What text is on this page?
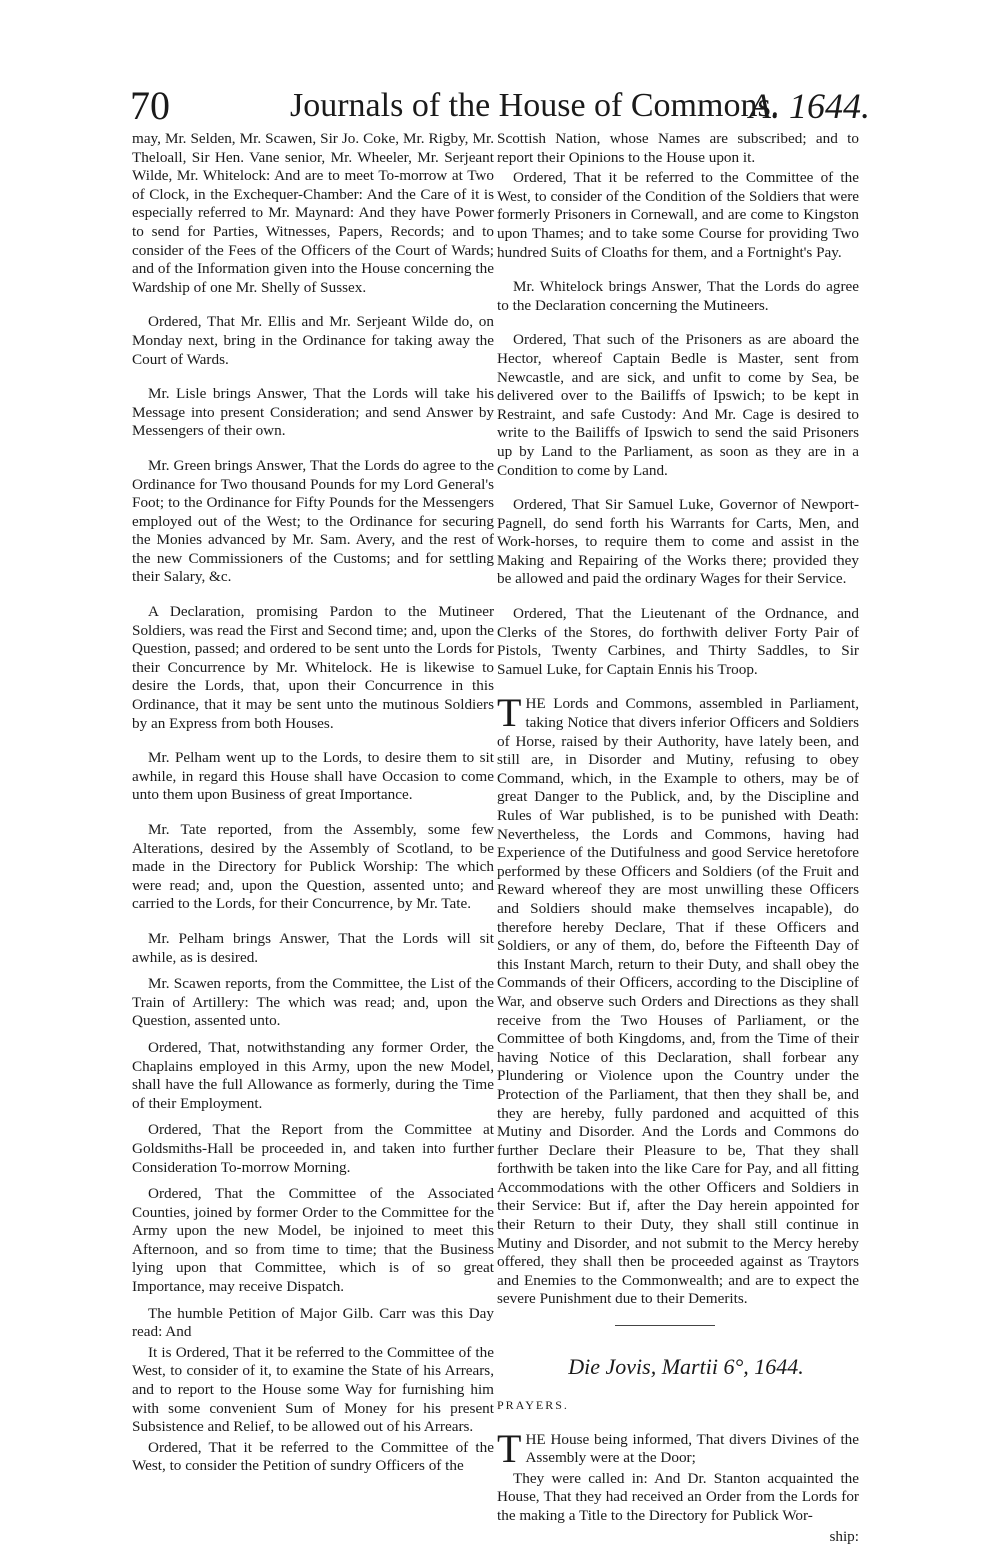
70	Journals of the House of Commons.
A. 1644.

may, Mr. Selden, Mr. Scawen, Sir Jo. Coke, Mr. Rigby, Mr. Theloall, Sir Hen. Vane senior, Mr. Wheeler, Mr. Serjeant Wilde, Mr. Whitelock: And are to meet To-morrow at Two of Clock, in the Exchequer-Chamber: And the Care of it is especially referred to Mr. Maynard: And they have Power to send for Parties, Witnesses, Papers, Records; and to consider of the Fees of the Officers of the Court of Wards; and of the Information given into the House concerning the Wardship of one Mr. Shelly of Sussex.

Ordered, That Mr. Ellis and Mr. Serjeant Wilde do, on Monday next, bring in the Ordinance for taking away the Court of Wards.

Mr. Lisle brings Answer, That the Lords will take his Message into present Consideration; and send Answer by Messengers of their own.

Mr. Green brings Answer, That the Lords do agree to the Ordinance for Two thousand Pounds for my Lord General's Foot; to the Ordinance for Fifty Pounds for the Messengers employed out of the West; to the Ordinance for securing the Monies advanced by Mr. Sam. Avery, and the rest of the new Commissioners of the Customs; and for settling their Salary, &c.

A Declaration, promising Pardon to the Mutineer Soldiers, was read the First and Second time; and, upon the Question, passed; and ordered to be sent unto the Lords for their Concurrence by Mr. Whitelock. He is likewise to desire the Lords, that, upon their Concurrence in this Ordinance, that it may be sent unto the mutinous Soldiers by an Express from both Houses.

Mr. Pelham went up to the Lords, to desire them to sit awhile, in regard this House shall have Occasion to come unto them upon Business of great Importance.

Mr. Tate reported, from the Assembly, some few Alterations, desired by the Assembly of Scotland, to be made in the Directory for Publick Worship: The which were read; and, upon the Question, assented unto; and carried to the Lords, for their Concurrence, by Mr. Tate.

Mr. Pelham brings Answer, That the Lords will sit awhile, as is desired.

Mr. Scawen reports, from the Committee, the List of the Train of Artillery: The which was read; and, upon the Question, assented unto.

Ordered, That, notwithstanding any former Order, the Chaplains employed in this Army, upon the new Model, shall have the full Allowance as formerly, during the Time of their Employment.

Ordered, That the Report from the Committee at Goldsmiths-Hall be proceeded in, and taken into further Consideration To-morrow Morning.

Ordered, That the Committee of the Associated Counties, joined by former Order to the Committee for the Army upon the new Model, be injoined to meet this Afternoon, and so from time to time; that the Business lying upon that Committee, which is of so great Importance, may receive Dispatch.

The humble Petition of Major Gilb. Carr was this Day read: And

It is Ordered, That it be referred to the Committee of the West, to consider of it, to examine the State of his Arrears, and to report to the House some Way for furnishing him with some convenient Sum of Money for his present Subsistence and Relief, to be allowed out of his Arrears.

Ordered, That it be referred to the Committee of the West, to consider the Petition of sundry Officers of the

Scottish Nation, whose Names are subscribed; and to report their Opinions to the House upon it.

Ordered, That it be referred to the Committee of the West, to consider of the Condition of the Soldiers that were formerly Prisoners in Cornewall, and are come to Kingston upon Thames; and to take some Course for providing Two hundred Suits of Cloaths for them, and a Fortnight's Pay.

Mr. Whitelock brings Answer, That the Lords do agree to the Declaration concerning the Mutineers.

Ordered, That such of the Prisoners as are aboard the Hector, whereof Captain Bedle is Master, sent from Newcastle, and are sick, and unfit to come by Sea, be delivered over to the Bailiffs of Ipswich; to be kept in Restraint, and safe Custody: And Mr. Cage is desired to write to the Bailiffs of Ipswich to send the said Prisoners up by Land to the Parliament, as soon as they are in a Condition to come by Land.

Ordered, That Sir Samuel Luke, Governor of Newport-Pagnell, do send forth his Warrants for Carts, Men, and Work-horses, to require them to come and assist in the Making and Repairing of the Works there; provided they be allowed and paid the ordinary Wages for their Service.

Ordered, That the Lieutenant of the Ordnance, and Clerks of the Stores, do forthwith deliver Forty Pair of Pistols, Twenty Carbines, and Thirty Saddles, to Sir Samuel Luke, for Captain Ennis his Troop.

THE Lords and Commons, assembled in Parliament, taking Notice that divers inferior Officers and Soldiers of Horse, raised by their Authority, have lately been, and still are, in Disorder and Mutiny, refusing to obey Command, which, in the Example to others, may be of great Danger to the Publick, and, by the Discipline and Rules of War published, is to be punished with Death: Nevertheless, the Lords and Commons, having had Experience of the Dutifulness and good Service heretofore performed by these Officers and Soldiers (of the Fruit and Reward whereof they are most unwilling these Officers and Soldiers should make themselves incapable), do therefore hereby Declare, That if these Officers and Soldiers, or any of them, do, before the Fifteenth Day of this Instant March, return to their Duty, and shall obey the Commands of their Officers, according to the Discipline of War, and observe such Orders and Directions as they shall receive from the Two Houses of Parliament, or the Committee of both Kingdoms, and, from the Time of their having Notice of this Declaration, shall forbear any Plundering or Violence upon the Country under the Protection of the Parliament, that then they shall be, and they are hereby, fully pardoned and acquitted of this Mutiny and Disorder. And the Lords and Commons do further Declare their Pleasure to be, That they shall forthwith be taken into the like Care for Pay, and all fitting Accommodations with the other Officers and Soldiers in their Service: But if, after the Day herein appointed for their Return to their Duty, they shall still continue in Mutiny and Disorder, and not submit to the Mercy hereby offered, they shall then be proceeded against as Traytors and Enemies to the Commonwealth; and are to expect the severe Punishment due to their Demerits.

Die Jovis, Martii 6°, 1644.

PRAYERS.

THE House being informed, That divers Divines of the Assembly were at the Door;

They were called in: And Dr. Stanton acquainted the House, That they had received an Order from the Lords for the making a Title to the Directory for Publick Wor-

ship:
